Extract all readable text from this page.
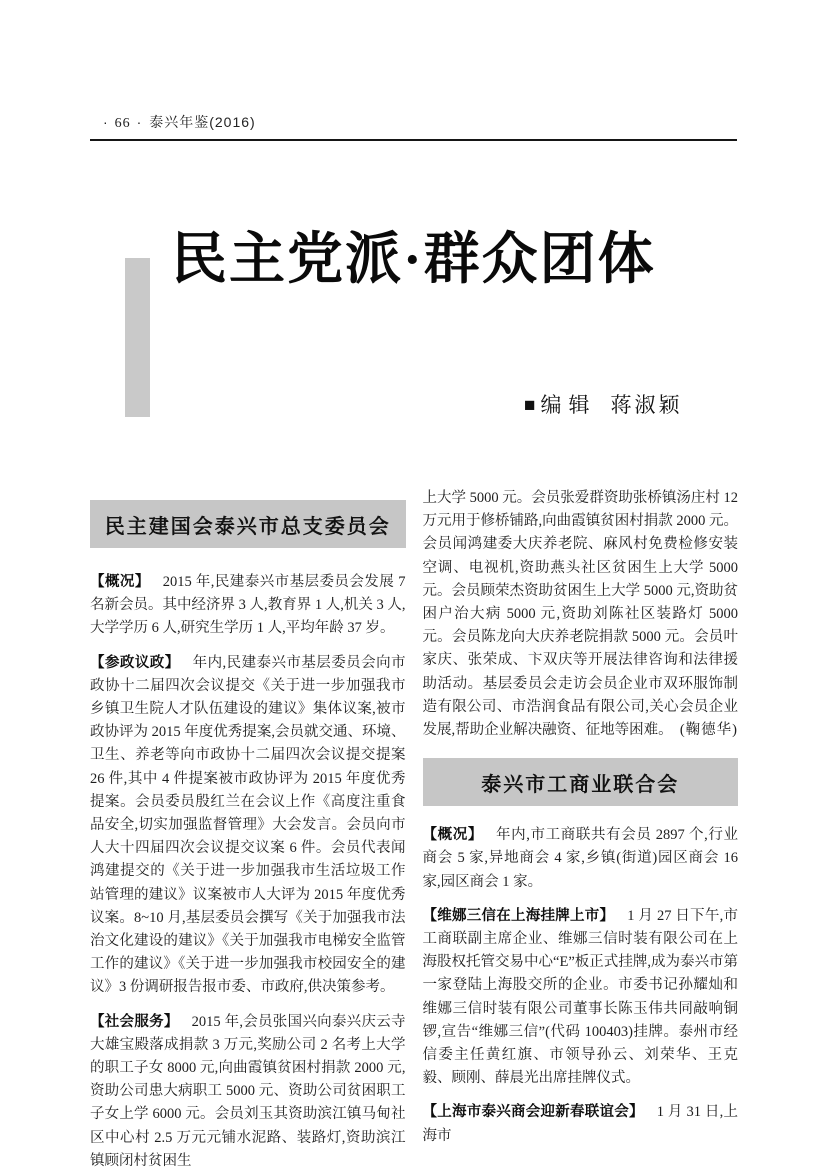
· 66 · 泰兴年鉴(2016)
民主党派·群众团体
■ 编辑 蒋淑颖
民主建国会泰兴市总支委员会

【概况】 2015 年,民建泰兴市基层委员会发展 7 名新会员。其中经济界 3 人,教育界 1 人,机关 3 人,大学学历 6 人,研究生学历 1 人,平均年龄 37 岁。

【参政议政】 年内,民建泰兴市基层委员会向市政协十二届四次会议提交《关于进一步加强我市乡镇卫生院人才队伍建设的建议》集体议案,被市政协评为 2015 年度优秀提案,会员就交通、环境、卫生、养老等向市政协十二届四次会议提交提案 26 件,其中 4 件提案被市政协评为 2015 年度优秀提案。会员委员殷红兰在会议上作《高度注重食品安全,切实加强监督管理》大会发言。会员向市人大十四届四次会议提交议案 6 件。会员代表闻鸿建提交的《关于进一步加强我市生活垃圾工作站管理的建议》议案被市人大评为 2015 年度优秀议案。8~10 月,基层委员会撰写《关于加强我市法治文化建设的建议》《关于加强我市电梯安全监管工作的建议》《关于进一步加强我市校园安全的建议》3 份调研报告报市委、市政府,供决策参考。

【社会服务】 2015 年,会员张国兴向泰兴庆云寺大雄宝殿落成捐款 3 万元,奖励公司 2 名考上大学的职工子女 8000 元,向曲霞镇贫困村捐款 2000 元,资助公司患大病职工 5000 元、资助公司贫困职工子女上学 6000 元。会员刘玉其资助滨江镇马甸社区中心村 2.5 万元元铺水泥路、装路灯,资助滨江镇顾闭村贫困生

上大学 5000 元。会员张爱群资助张桥镇汤庄村 12 万元用于修桥铺路,向曲霞镇贫困村捐款 2000 元。会员闻鸿建委大庆养老院、麻风村免费检修安装空调、电视机,资助燕头社区贫困生上大学 5000 元。会员顾荣杰资助贫困生上大学 5000 元,资助贫困户治大病 5000 元,资助刘陈社区装路灯 5000 元。会员陈龙向大庆养老院捐款 5000 元。会员叶家庆、张荣成、卞双庆等开展法律咨询和法律援助活动。基层委员会走访会员企业市双环服饰制造有限公司、市浩润食品有限公司,关心会员企业发展,帮助企业解决融资、征地等困难。 (鞠德华)

泰兴市工商业联合会

【概况】 年内,市工商联共有会员 2897 个,行业商会 5 家,异地商会 4 家,乡镇(街道)园区商会 16 家,园区商会 1 家。

【维娜三信在上海挂牌上市】 1 月 27 日下午,市工商联副主席企业、维娜三信时装有限公司在上海股权托管交易中心“E”板正式挂牌,成为泰兴市第一家登陆上海股交所的企业。市委书记孙耀灿和维娜三信时装有限公司董事长陈玉伟共同敲响铜锣,宣告“维娜三信”(代码 100403)挂牌。泰州市经信委主任黄红旗、市领导孙云、刘荣华、王克毅、顾刚、薛晨光出席挂牌仪式。

【上海市泰兴商会迎新春联谊会】 1 月 31 日,上海市
